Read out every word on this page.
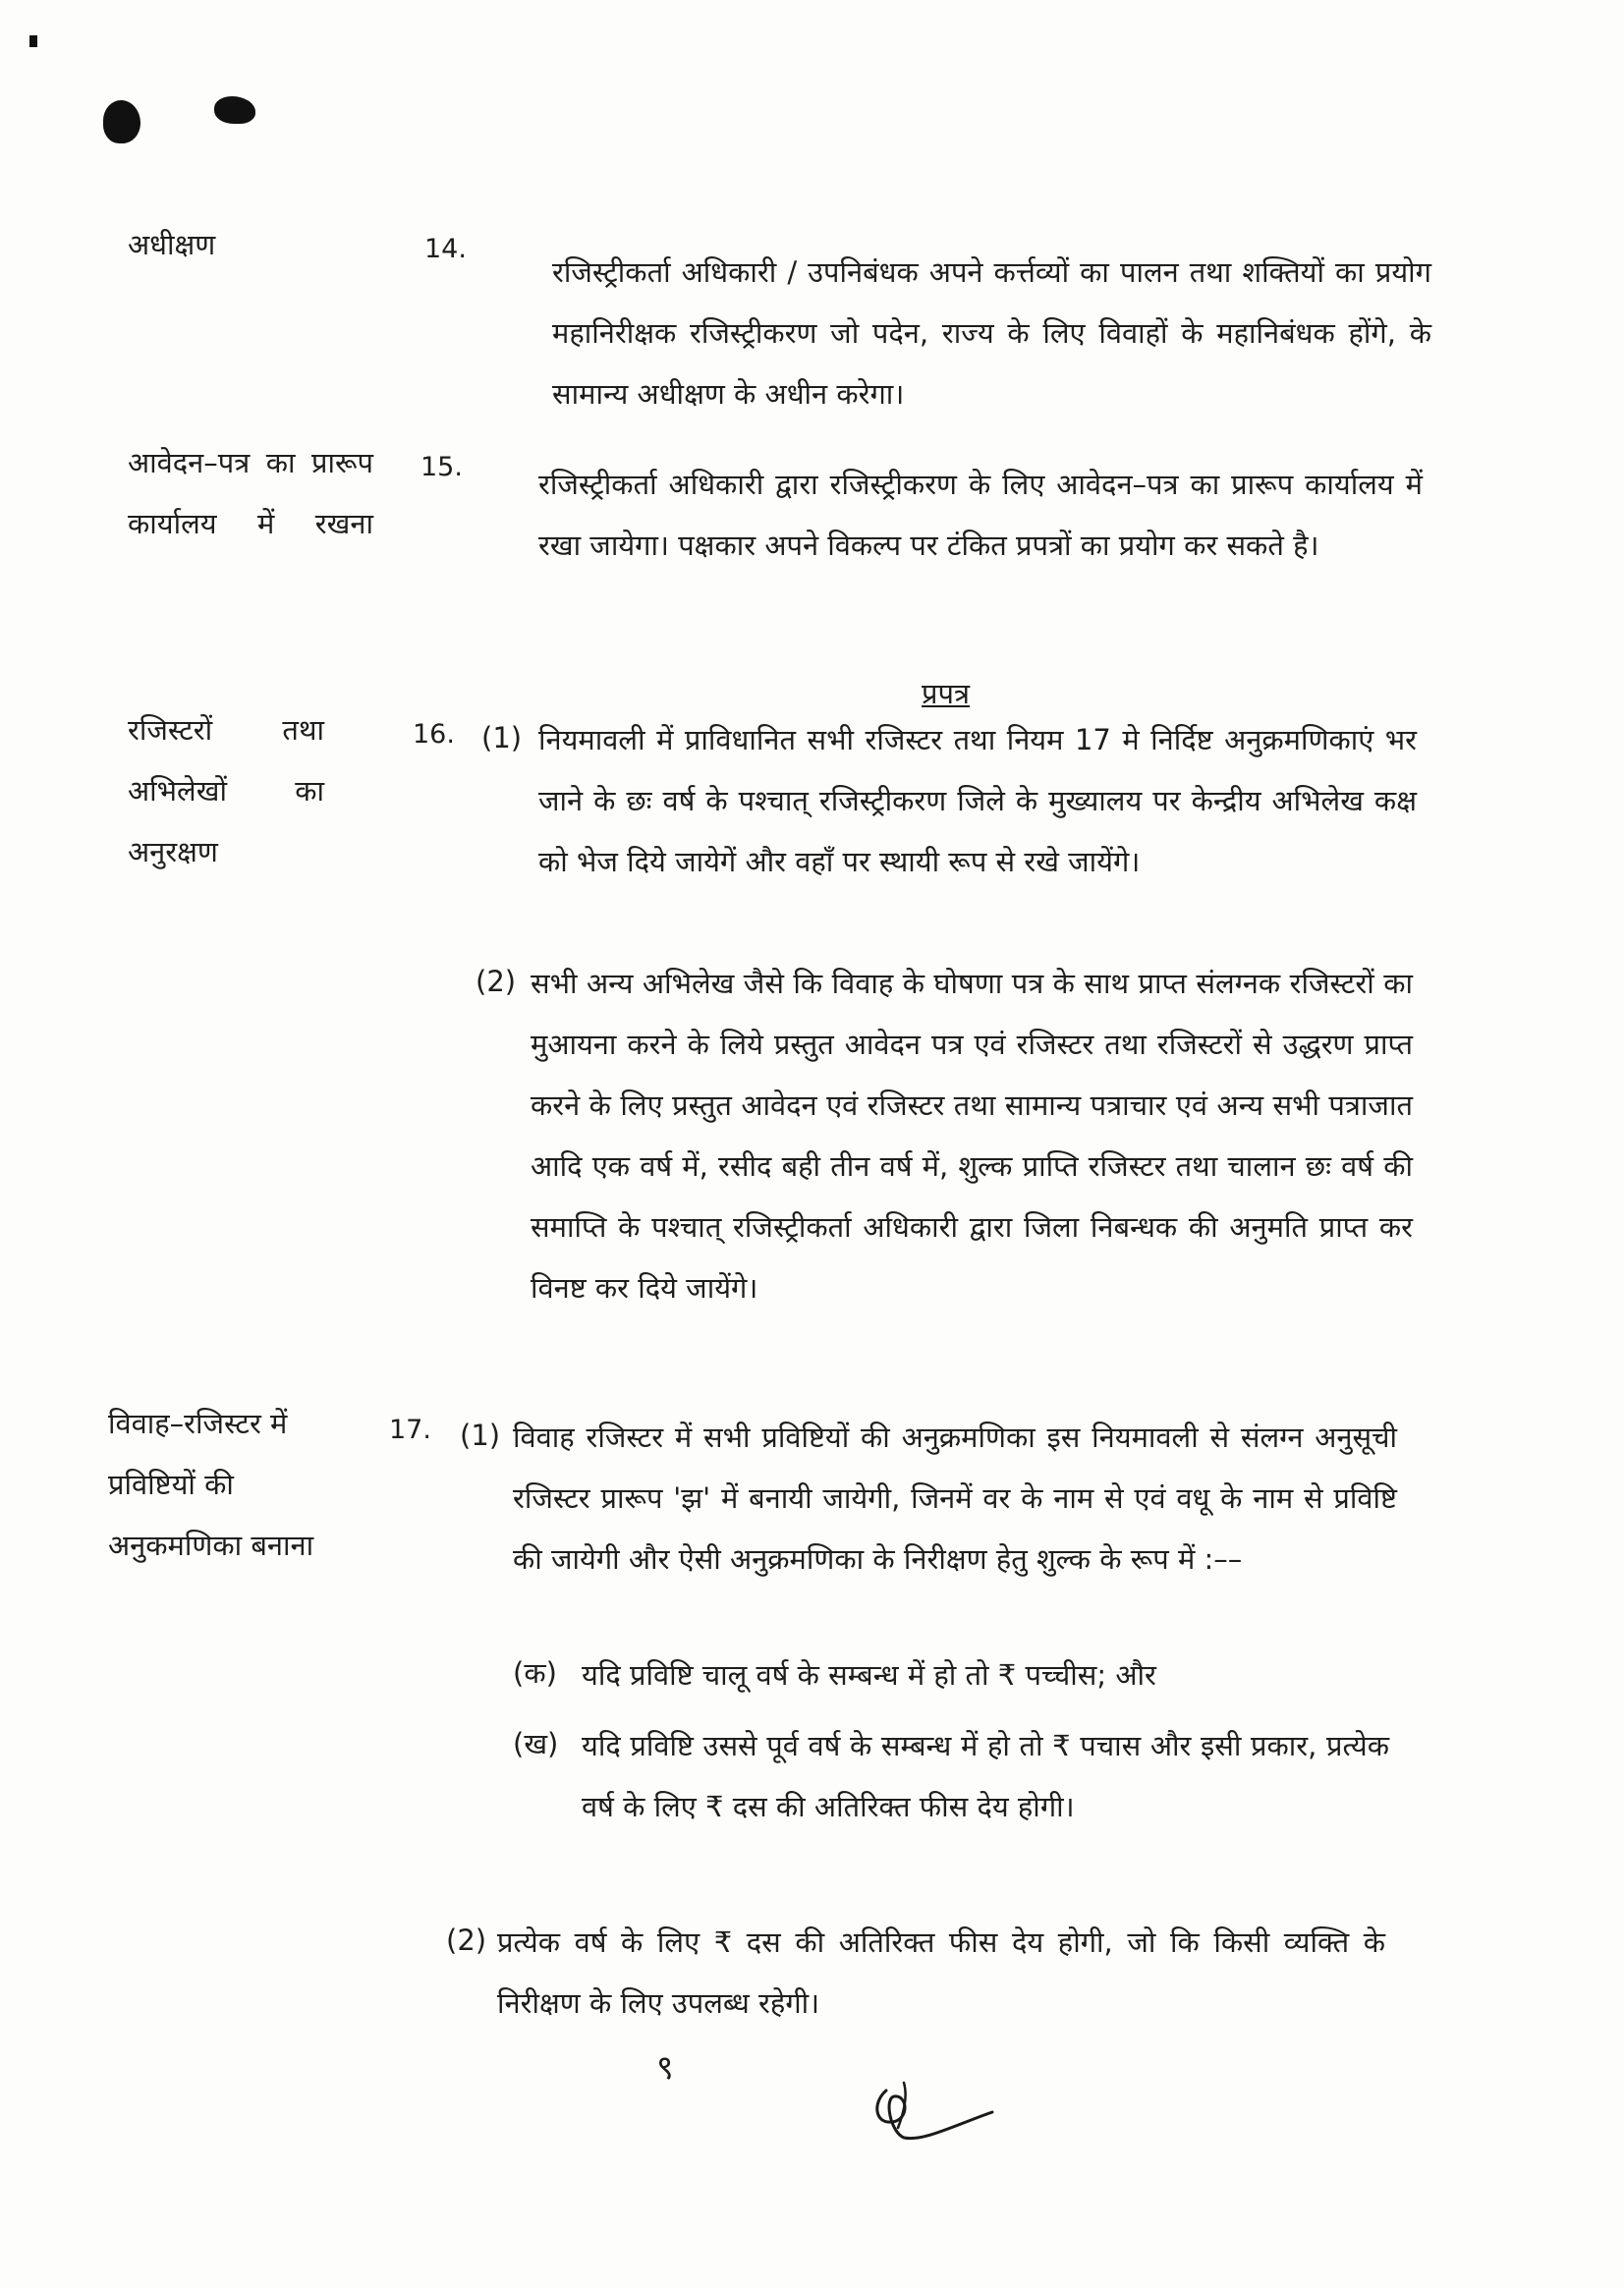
अधीक्षण	14.
रजिस्ट्रीकर्ता अधिकारी / उपनिबंधक अपने कर्त्तव्यों का पालन तथा शक्तियों का प्रयोग महानिरीक्षक रजिस्ट्रीकरण जो पदेन, राज्य के लिए विवाहों के महानिबंधक होंगे, के सामान्य अधीक्षण के अधीन करेगा।
आवेदन–पत्र का प्रारूप कार्यालय में रखना
15.
रजिस्ट्रीकर्ता अधिकारी द्वारा रजिस्ट्रीकरण के लिए आवेदन–पत्र का प्रारूप कार्यालय में रखा जायेगा। पक्षकार अपने विकल्प पर टंकित प्रपत्रों का प्रयोग कर सकते है।
प्रपत्र
रजिस्टरों तथा अभिलेखों का अनुरक्षण
16. (1) नियमावली में प्राविधानित सभी रजिस्टर तथा नियम 17 मे निर्दिष्ट अनुक्रमणिकाएं भर जाने के छः वर्ष के पश्चात् रजिस्ट्रीकरण जिले के मुख्यालय पर केन्द्रीय अभिलेख कक्ष को भेज दिये जायेगें और वहाँ पर स्थायी रूप से रखे जायेंगे।
(2) सभी अन्य अभिलेख जैसे कि विवाह के घोषणा पत्र के साथ प्राप्त संलग्नक रजिस्टरों का मुआयना करने के लिये प्रस्तुत आवेदन पत्र एवं रजिस्टर तथा रजिस्टरों से उद्धरण प्राप्त करने के लिए प्रस्तुत आवेदन एवं रजिस्टर तथा सामान्य पत्राचार एवं अन्य सभी पत्राजात आदि एक वर्ष में, रसीद बही तीन वर्ष में, शुल्क प्राप्ति रजिस्टर तथा चालान छः वर्ष की समाप्ति के पश्चात् रजिस्ट्रीकर्ता अधिकारी द्वारा जिला निबन्धक की अनुमति प्राप्त कर विनष्ट कर दिये जायेंगे।
विवाह–रजिस्टर में प्रविष्टियों की अनुकमणिका बनाना
17. (1) विवाह रजिस्टर में सभी प्रविष्टियों की अनुक्रमणिका इस नियमावली से संलग्न अनुसूची रजिस्टर प्रारूप 'झ' में बनायी जायेगी, जिनमें वर के नाम से एवं वधू के नाम से प्रविष्टि की जायेगी और ऐसी अनुक्रमणिका के निरीक्षण हेतु शुल्क के रूप में :––
(क) यदि प्रविष्टि चालू वर्ष के सम्बन्ध में हो तो ₹ पच्चीस; और
(ख) यदि प्रविष्टि उससे पूर्व वर्ष के सम्बन्ध में हो तो ₹ पचास और इसी प्रकार, प्रत्येक वर्ष के लिए ₹ दस की अतिरिक्त फीस देय होगी।
(2) प्रत्येक वर्ष के लिए ₹ दस की अतिरिक्त फीस देय होगी, जो कि किसी व्यक्ति के निरीक्षण के लिए उपलब्ध रहेगी।
९
